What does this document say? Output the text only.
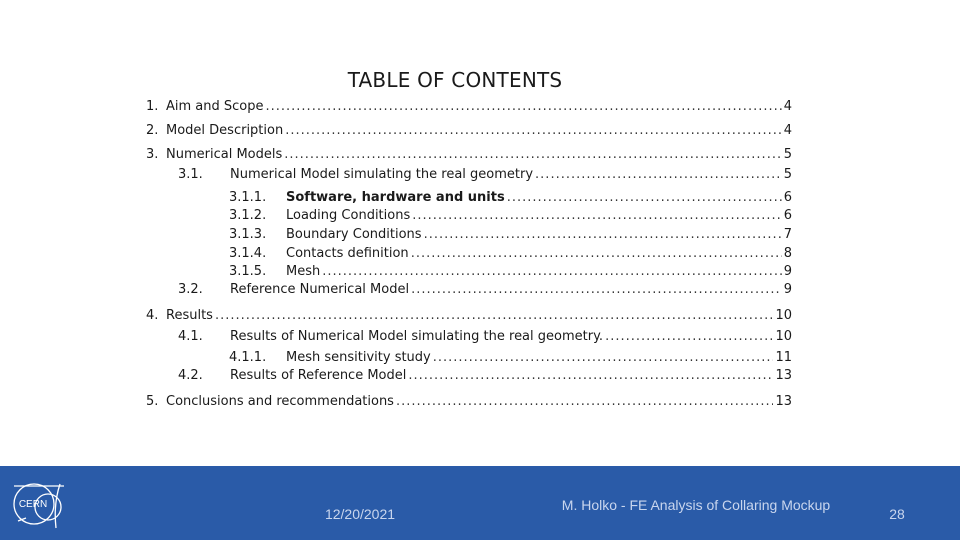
TABLE OF CONTENTS
1. Aim and Scope .....	4
2. Model Description .....	4
3. Numerical Models .....	5
3.1.	Numerical Model simulating the real geometry .....	5
3.1.1.	Software, hardware and units .....	6
3.1.2.	Loading Conditions .....	6
3.1.3.	Boundary Conditions .....	7
3.1.4.	Contacts definition .....	8
3.1.5.	Mesh .....	9
3.2.	Reference Numerical Model .....	9
4. Results .....	10
4.1.	Results of Numerical Model simulating the real geometry. .....	10
4.1.1.	Mesh sensitivity study .....	11
4.2.	Results of Reference Model .....	13
5. Conclusions and recommendations .....	13
CERN
12/20/2021
M. Holko - FE Analysis of Collaring Mockup
28
